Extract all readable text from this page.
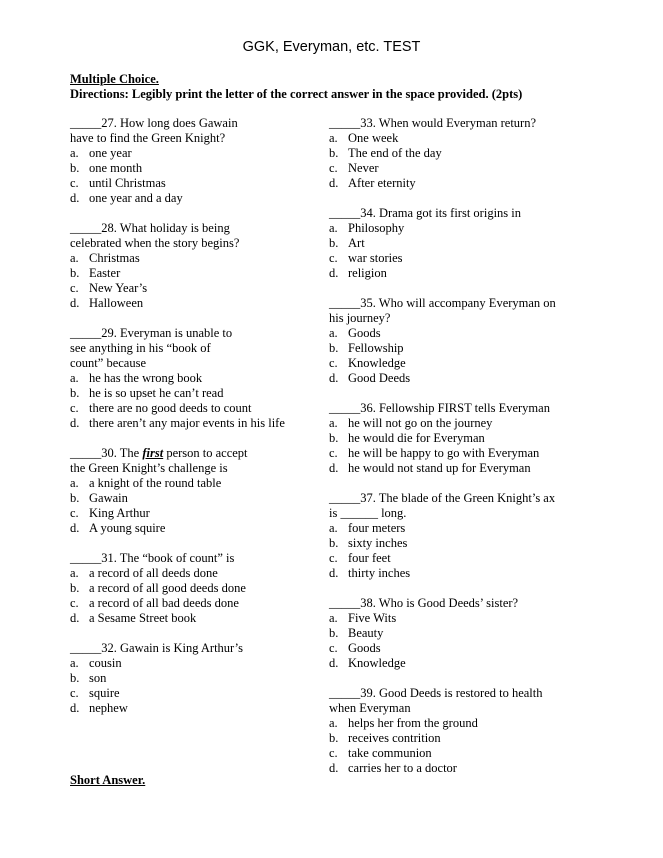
GGK, Everyman, etc. TEST
Multiple Choice.
Directions: Legibly print the letter of the correct answer in the space provided. (2pts)
_____27. How long does Gawain
have to find the Green Knight?
a. one year
b. one month
c. until Christmas
d. one year and a day
_____28. What holiday is being
celebrated when the story begins?
a. Christmas
b. Easter
c. New Year’s
d. Halloween
_____29. Everyman is unable to
see anything in his “book of
count” because
a. he has the wrong book
b. he is so upset he can’t read
c. there are no good deeds to count
d. there aren’t any major events in his life
_____30. The first person to accept
the Green Knight’s challenge is
a. a knight of the round table
b. Gawain
c. King Arthur
d. A young squire
_____31. The “book of count” is
a. a record of all deeds done
b. a record of all good deeds done
c. a record of all bad deeds done
d. a Sesame Street book
_____32. Gawain is King Arthur’s
a. cousin
b. son
c. squire
d. nephew
_____33. When would Everyman return?
a. One week
b. The end of the day
c. Never
d. After eternity
_____34. Drama got its first origins in
a. Philosophy
b. Art
c. war stories
d. religion
_____35. Who will accompany Everyman on
his journey?
a. Goods
b. Fellowship
c. Knowledge
d. Good Deeds
_____36. Fellowship FIRST tells Everyman
a. he will not go on the journey
b. he would die for Everyman
c. he will be happy to go with Everyman
d. he would not stand up for Everyman
_____37. The blade of the Green Knight’s ax
is ______ long.
a. four meters
b. sixty inches
c. four feet
d. thirty inches
_____38. Who is Good Deeds’ sister?
a. Five Wits
b. Beauty
c. Goods
d. Knowledge
_____39. Good Deeds is restored to health
when Everyman
a. helps her from the ground
b. receives contrition
c. take communion
d. carries her to a doctor
Short Answer.
